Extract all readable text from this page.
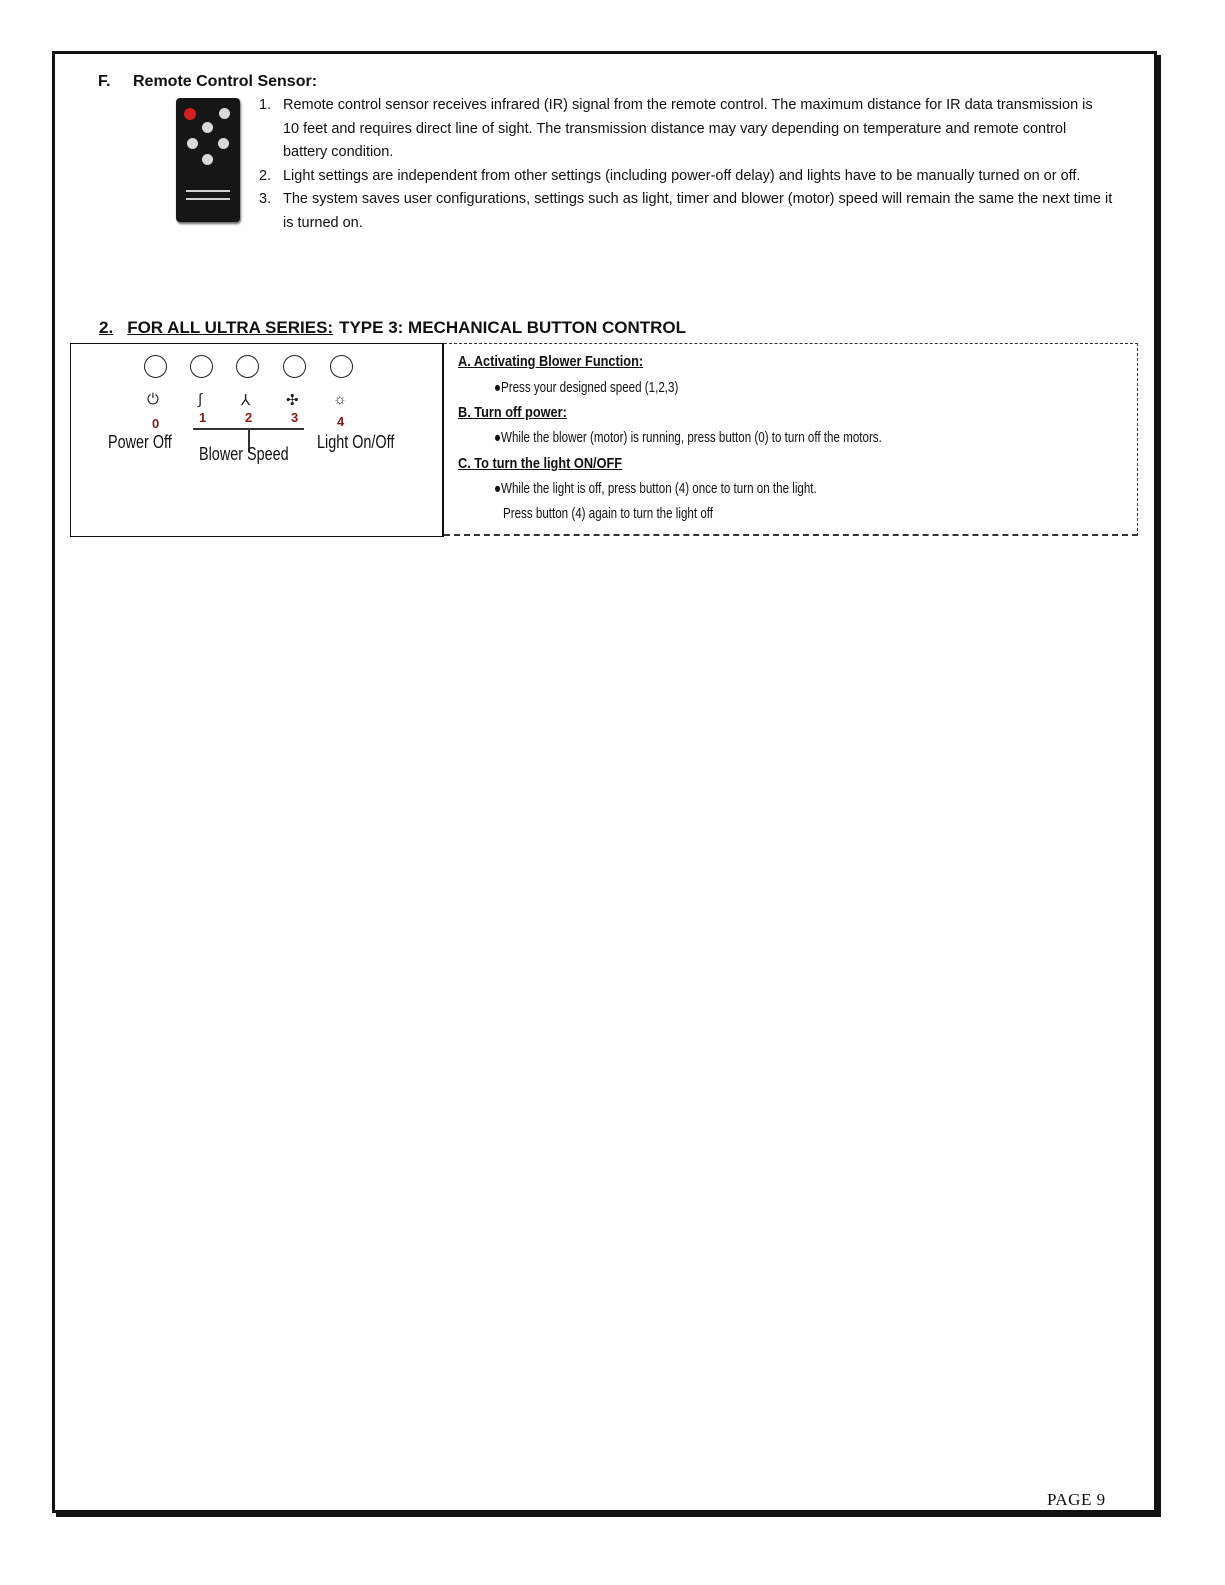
F. Remote Control Sensor:
1. Remote control sensor receives infrared (IR) signal from the remote control. The maximum distance for IR data transmission is
10 feet and requires direct line of sight. The transmission distance may vary depending on temperature and remote control
battery condition.
2. Light settings are independent from other settings (including power-off delay) and lights have to be manually turned on or off.
3. The system saves user configurations, settings such as light, timer and blower (motor) speed will remain the same the next time it
is turned on.
2. FOR ALL ULTRA SERIES: TYPE 3: MECHANICAL BUTTON CONTROL
⏻	∫	⅄ ✣ ☼
0	1	2	3	4
Power Off
Blower Speed
Light On/Off
A. Activating Blower Function:
●Press your designed speed (1,2,3)
B. Turn off power:
●While the blower (motor) is running, press button (0) to turn off the motors.
C. To turn the light ON/OFF
●While the light is off, press button (4) once to turn on the light.
Press button (4) again to turn the light off
PAGE 9
